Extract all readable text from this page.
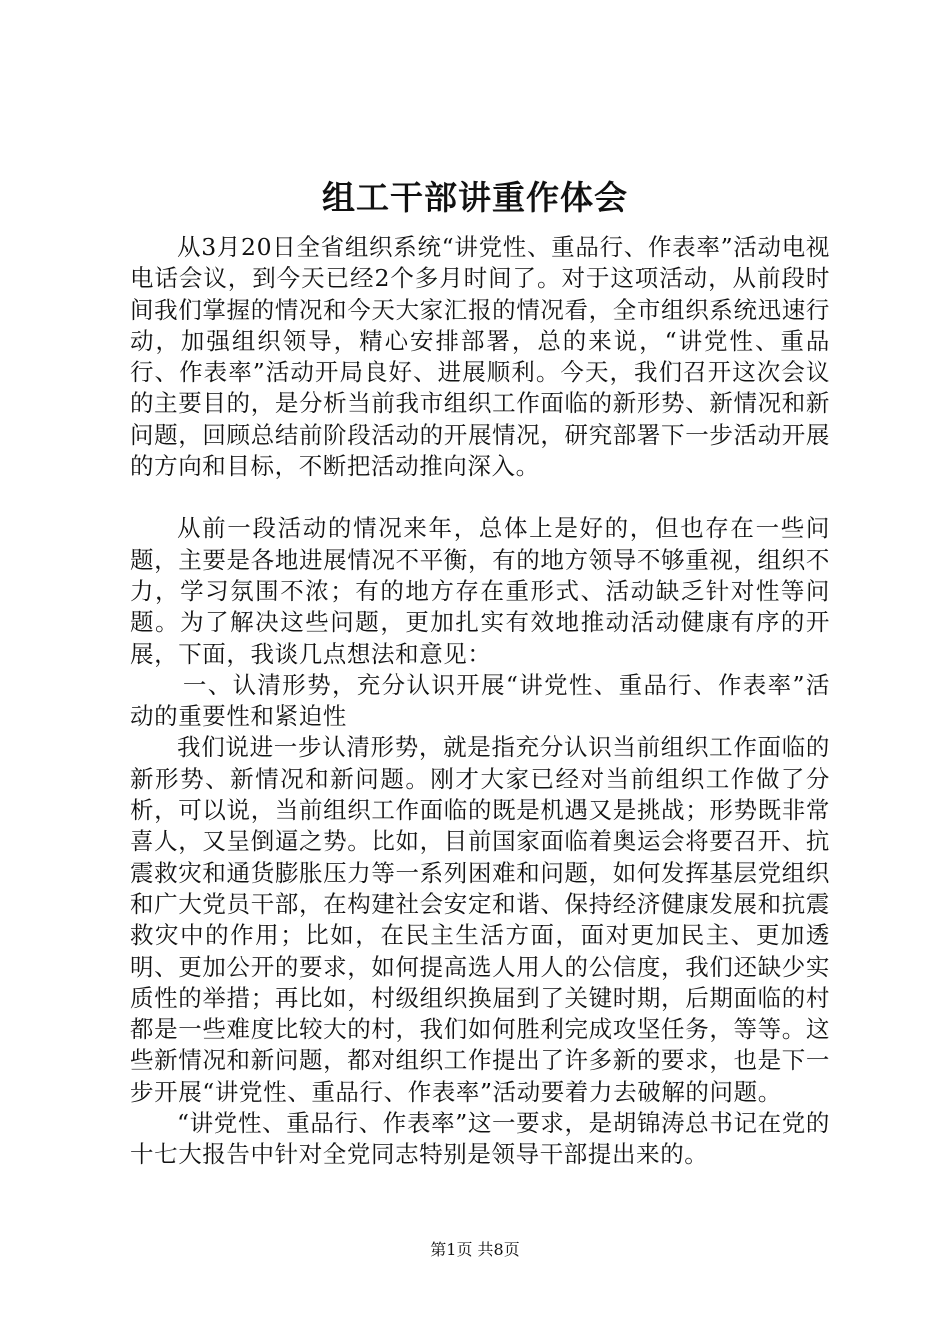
组工干部讲重作体会

从3月20日全省组织系统“讲党性、重品行、作表率”活动电视电话会议，到今天已经2个多月时间了。对于这项活动，从前段时间我们掌握的情况和今天大家汇报的情况看，全市组织系统迅速行动，加强组织领导，精心安排部署，总的来说，“讲党性、重品行、作表率”活动开局良好、进展顺利。今天，我们召开这次会议的主要目的，是分析当前我市组织工作面临的新形势、新情况和新问题，回顾总结前阶段活动的开展情况，研究部署下一步活动开展的方向和目标，不断把活动推向深入。

从前一段活动的情况来年，总体上是好的，但也存在一些问题，主要是各地进展情况不平衡，有的地方领导不够重视，组织不力，学习氛围不浓；有的地方存在重形式、活动缺乏针对性等问题。为了解决这些问题，更加扎实有效地推动活动健康有序的开展，下面，我谈几点想法和意见：

一、认清形势，充分认识开展“讲党性、重品行、作表率”活动的重要性和紧迫性

我们说进一步认清形势，就是指充分认识当前组织工作面临的新形势、新情况和新问题。刚才大家已经对当前组织工作做了分析，可以说，当前组织工作面临的既是机遇又是挑战；形势既非常喜人，又呈倒逼之势。比如，目前国家面临着奥运会将要召开、抗震救灾和通货膨胀压力等一系列困难和问题，如何发挥基层党组织和广大党员干部，在构建社会安定和谐、保持经济健康发展和抗震救灾中的作用；比如，在民主生活方面，面对更加民主、更加透明、更加公开的要求，如何提高选人用人的公信度，我们还缺少实质性的举措；再比如，村级组织换届到了关键时期，后期面临的村都是一些难度比较大的村，我们如何胜利完成攻坚任务，等等。这些新情况和新问题，都对组织工作提出了许多新的要求，也是下一步开展“讲党性、重品行、作表率”活动要着力去破解的问题。

“讲党性、重品行、作表率”这一要求，是胡锦涛总书记在党的十七大报告中针对全党同志特别是领导干部提出来的。

第1页 共8页
